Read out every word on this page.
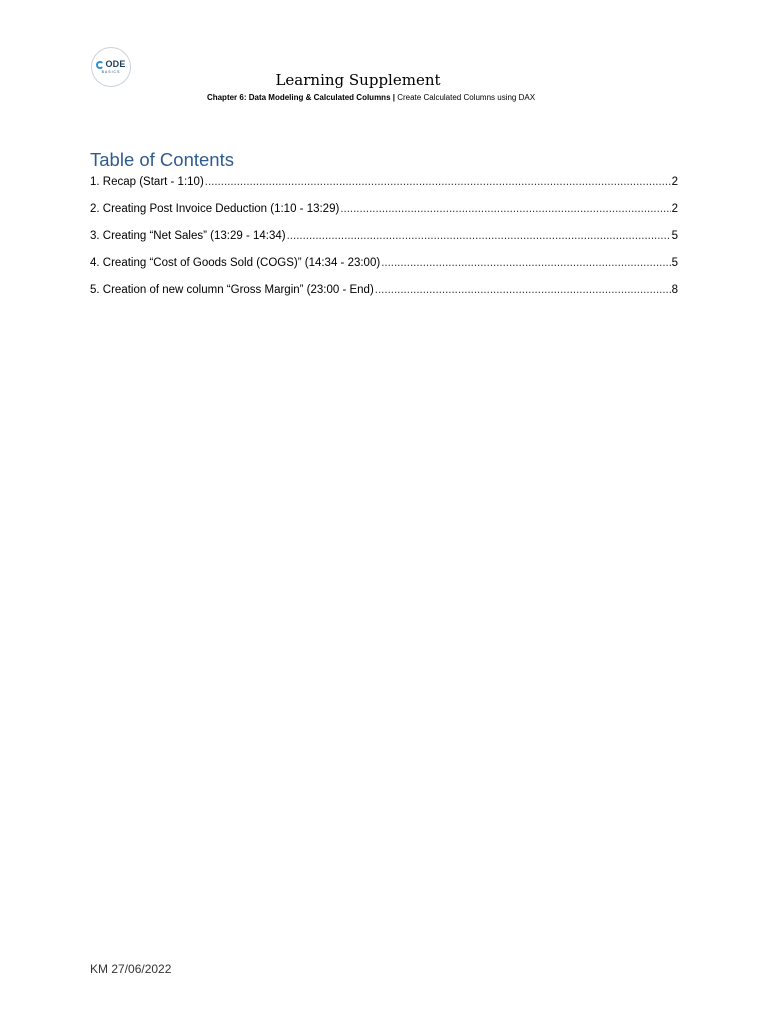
ODE
BASICS	Learning Supplement
Chapter 6: Data Modeling & Calculated Columns | Create Calculated Columns using DAX
Table of Contents
1. Recap (Start - 1:10) .....	2
2. Creating Post Invoice Deduction (1:10 - 13:29) .....	2
3. Creating “Net Sales” (13:29 - 14:34) .....	5
4. Creating “Cost of Goods Sold (COGS)” (14:34 - 23:00) .....	5
5. Creation of new column “Gross Margin” (23:00 - End) .....	8
KM 27/06/2022
